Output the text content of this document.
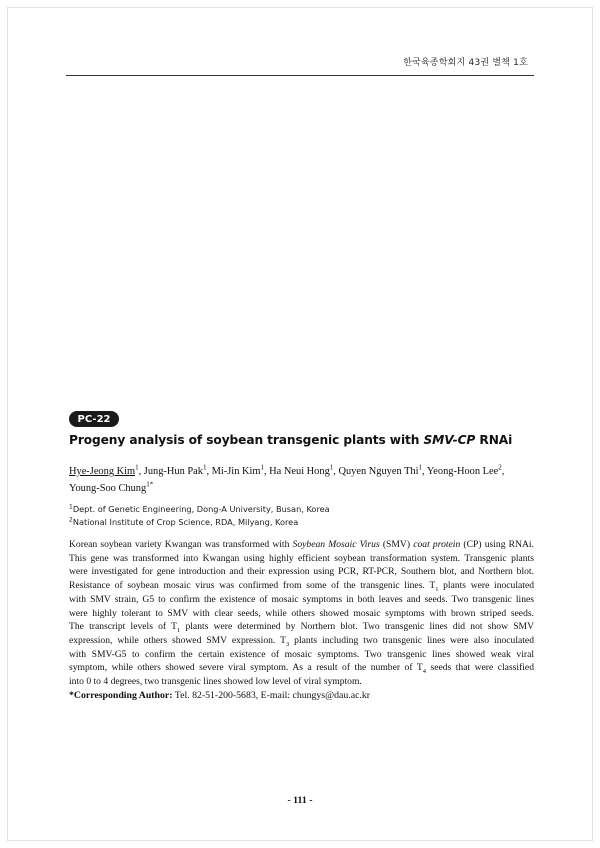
한국육종학회지 43권 별책 1호
PC-22
Progeny analysis of soybean transgenic plants with SMV-CP RNAi
Hye-Jeong Kim$^1$, Jung-Hun Pak$^1$, Mi-Jin Kim$^1$, Ha Neui Hong$^1$, Quyen Nguyen Thi$^1$, Yeong-Hoon Lee$^2$,
Young-Soo Chung$^{1*}$
$^1$Dept. of Genetic Engineering, Dong-A University, Busan, Korea
$^2$National Institute of Crop Science, RDA, Milyang, Korea
Korean soybean variety Kwangan was transformed with Soybean Mosaic Virus (SMV) coat protein (CP) using RNAi.
This gene was transformed into Kwangan using highly efficient soybean transformation system. Transgenic plants
were investigated for gene introduction and their expression using PCR, RT-PCR, Southern blot, and Northern blot.
Resistance of soybean mosaic virus was confirmed from some of the transgenic lines. $T_1$ plants were inoculated
with SMV strain, G5 to confirm the existence of mosaic symptoms in both leaves and seeds. Two transgenic lines
were highly tolerant to SMV with clear seeds, while others showed mosaic symptoms with brown striped seeds.
The transcript levels of $T_1$ plants were determined by Northern blot. Two transgenic lines did not show SMV
expression, while others showed SMV expression. $T_3$ plants including two transgenic lines were also inoculated
with SMV-G5 to confirm the certain existence of mosaic symptoms. Two transgenic lines showed weak viral
symptom, while others showed severe viral symptom. As a result of the number of $T_4$ seeds that were classified
into 0 to 4 degrees, two transgenic lines showed low level of viral symptom.
*Corresponding Author: Tel. 82-51-200-5683, E-mail: chungys@dau.ac.kr
- 111 -
